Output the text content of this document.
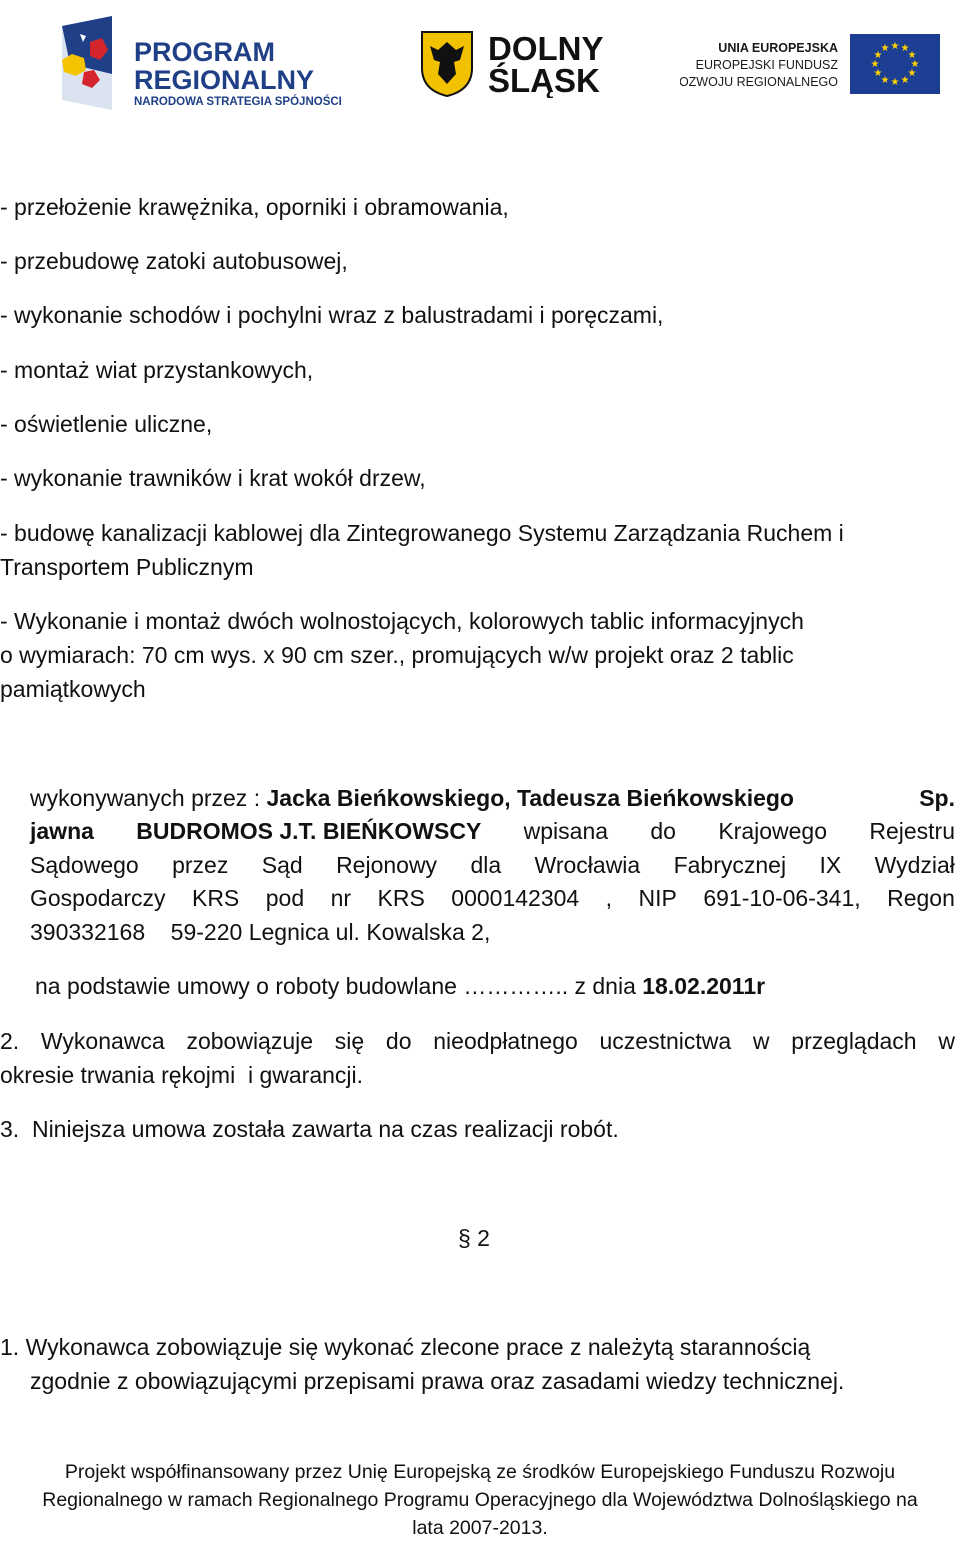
PROGRAM
REGIONALNY
NARODOWA STRATEGIA SPÓJNOŚCI
DOLNY
ŚLĄSK
UNIA EUROPEJSKA
EUROPEJSKI FUNDUSZ
ROZWOJU REGIONALNEGO
★ ★
★
★
★
★
★
★
★
★
★
★
- przełożenie krawężnika, oporniki i obramowania,
- przebudowę zatoki autobusowej,
- wykonanie schodów i pochylni wraz z balustradami i poręczami,
- montaż wiat przystankowych,
- oświetlenie uliczne,
- wykonanie trawników i krat wokół drzew,
- budowę kanalizacji kablowej dla Zintegrowanego Systemu Zarządzania Ruchem i
Transportem Publicznym
- Wykonanie i montaż dwóch wolnostojących, kolorowych tablic informacyjnych
o wymiarach: 70 cm wys. x 90 cm szer., promujących w/w projekt oraz 2 tablic
pamiątkowych
wykonywanych przez : Jacka Bieńkowskiego, Tadeusza Bieńkowskiego	Sp.
jawna BUDROMOS J.T. BIEŃKOWSCY wpisana do Krajowego Rejestru
Sądowego przez Sąd Rejonowy dla Wrocławia Fabrycznej IX Wydział
Gospodarczy KRS pod nr KRS 0000142304 , NIP 691-10-06-341, Regon
390332168    59-220 Legnica ul. Kowalska 2,
na podstawie umowy o roboty budowlane ………….. z dnia 18.02.2011r
2. Wykonawca zobowiązuje się do nieodpłatnego uczestnictwa w przeglądach w
okresie trwania rękojmi  i gwarancji.
3.  Niniejsza umowa została zawarta na czas realizacji robót.
§ 2
1. Wykonawca zobowiązuje się wykonać zlecone prace z należytą starannością
zgodnie z obowiązującymi przepisami prawa oraz zasadami wiedzy technicznej.
Projekt współfinansowany przez Unię Europejską ze środków Europejskiego Funduszu Rozwoju
Regionalnego w ramach Regionalnego Programu Operacyjnego dla Województwa Dolnośląskiego na
lata 2007-2013.
